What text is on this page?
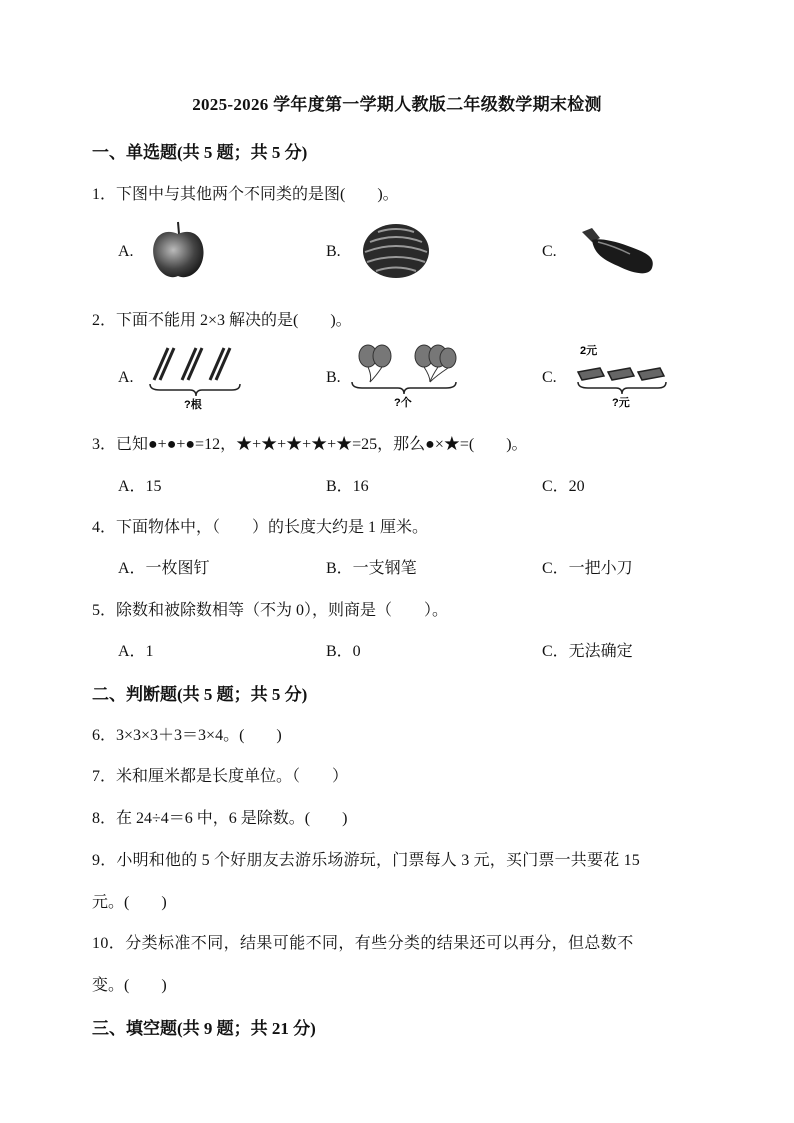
2025-2026 学年度第一学期人教版二年级数学期末检测
一、单选题(共 5 题；共 5 分)
1．下图中与其他两个不同类的是图(　　)。
A.	B.	C.
2．下面不能用 2×3 解决的是(　　)。
A.	B.	C.
?根	?个
2元
?元
3．已知●+●+●=12，★+★+★+★+★=25，那么●×★=(　　)。
A．15	B．16	C．20
4．下面物体中，（　　）的长度大约是 1 厘米。
A．一枚图钉	B．一支钢笔	C．一把小刀
5．除数和被除数相等（不为 0），则商是（　　）。
A．1	B．0	C．无法确定
二、判断题(共 5 题；共 5 分)
6．3×3×3＋3＝3×4。(　　)
7．米和厘米都是长度单位。（　　）
8．在 24÷4＝6 中，6 是除数。(　　)
9．小明和他的 5 个好朋友去游乐场游玩，门票每人 3 元，买门票一共要花 15
元。(　　)
10．分类标准不同，结果可能不同，有些分类的结果还可以再分，但总数不
变。(　　)
三、填空题(共 9 题；共 21 分)
